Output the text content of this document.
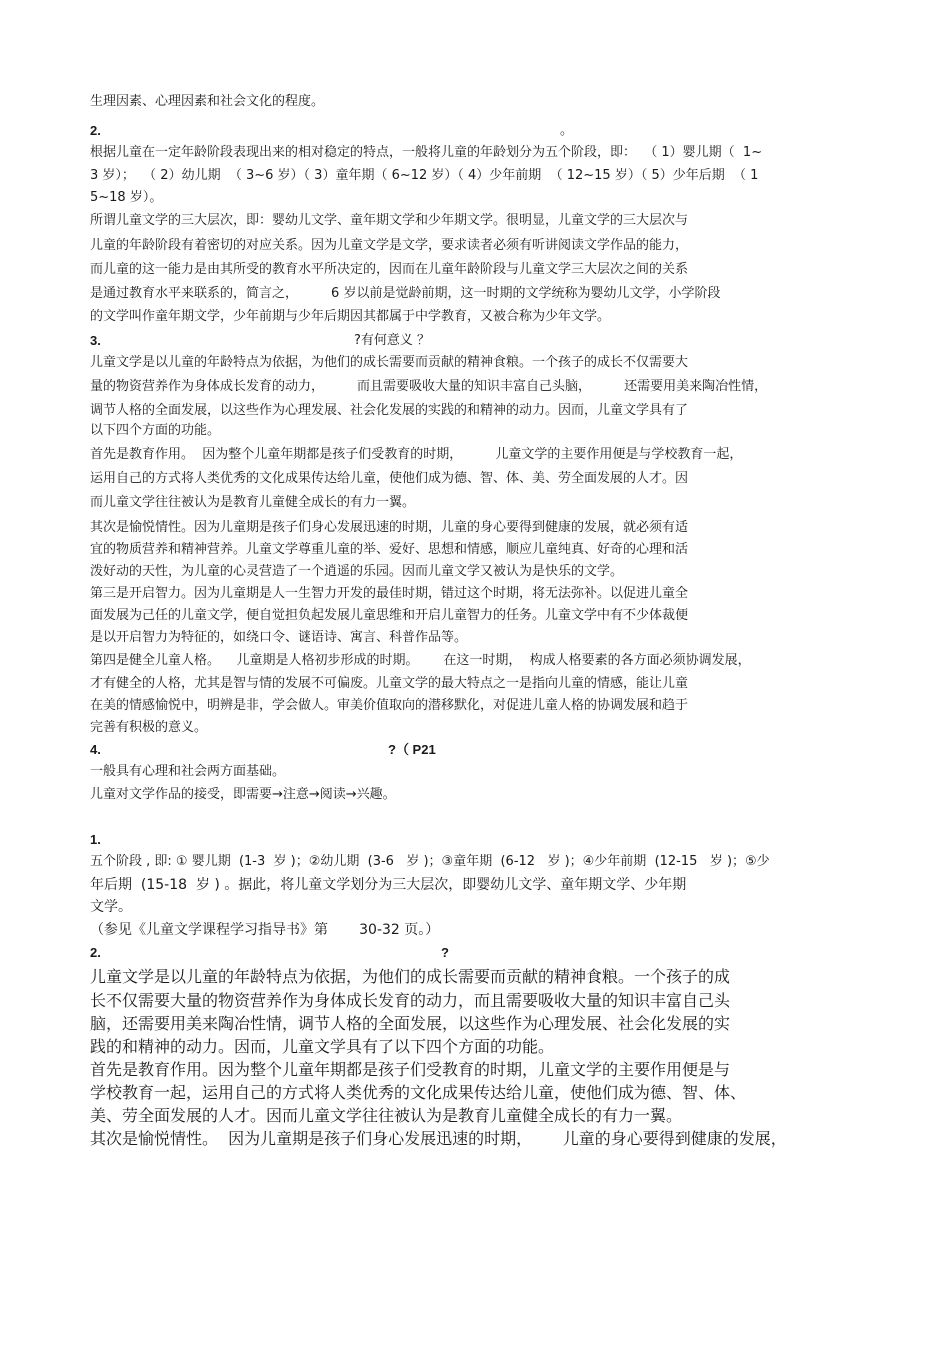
生理因素、心理因素和社会文化的程度。
2.	。
根据儿童在一定年龄阶段表现出来的相对稳定的特点，一般将儿童的年龄划分为五个阶段，即：  （ 1）婴儿期（  1~
3 岁）；  （ 2）幼儿期  （ 3~6 岁）（ 3）童年期（ 6~12 岁）（ 4）少年前期  （ 12~15 岁）（ 5）少年后期  （ 1
5~18 岁）。
所谓儿童文学的三大层次，即：婴幼儿文学、童年期文学和少年期文学。很明显，儿童文学的三大层次与
儿童的年龄阶段有着密切的对应关系。因为儿童文学是文学，要求读者必须有听讲阅读文学作品的能力，
而儿童的这一能力是由其所受的教育水平所决定的，因而在儿童年龄阶段与儿童文学三大层次之间的关系
是通过教育水平来联系的，简言之，        6 岁以前是觉龄前期，这一时期的文学统称为婴幼儿文学，小学阶段
的文学叫作童年期文学，少年前期与少年后期因其都属于中学教育，又被合称为少年文学。
3.	?有何意义 ？
儿童文学是以儿童的年龄特点为依据，为他们的成长需要而贡献的精神食粮。一个孩子的成长不仅需要大
量的物资营养作为身体成长发育的动力，        而且需要吸收大量的知识丰富自己头脑，        还需要用美来陶冶性情，
调节人格的全面发展，以这些作为心理发展、社会化发展的实践的和精神的动力。因而，儿童文学具有了
以下四个方面的功能。
首先是教育作用。  因为整个儿童年期都是孩子们受教育的时期，        儿童文学的主要作用便是与学校教育一起，
运用自己的方式将人类优秀的文化成果传达给儿童，使他们成为德、智、体、美、劳全面发展的人才。因
而儿童文学往往被认为是教育儿童健全成长的有力一翼。
其次是愉悦情性。因为儿童期是孩子们身心发展迅速的时期，儿童的身心要得到健康的发展，就必须有适
宜的物质营养和精神营养。儿童文学尊重儿童的举、爱好、思想和情感，顺应儿童纯真、好奇的心理和活
泼好动的天性，为儿童的心灵营造了一个逍遥的乐园。因而儿童文学又被认为是快乐的文学。
第三是开启智力。因为儿童期是人一生智力开发的最佳时期，错过这个时期，将无法弥补。以促进儿童全
面发展为己任的儿童文学，便自觉担负起发展儿童思维和开启儿童智力的任务。儿童文学中有不少体裁便
是以开启智力为特征的，如绕口令、谜语诗、寓言、科普作品等。
第四是健全儿童人格。    儿童期是人格初步形成的时期。      在这一时期，  构成人格要素的各方面必须协调发展，
才有健全的人格，尤其是智与情的发展不可偏废。儿童文学的最大特点之一是指向儿童的情感，能让儿童
在美的情感愉悦中，明辨是非，学会做人。审美价值取向的潜移默化，对促进儿童人格的协调发展和趋于
完善有积极的意义。
4.	?（ P21
一般具有心理和社会两方面基础。
儿童对文学作品的接受，即需要→注意→阅读→兴趣。
1.
五个阶段 , 即: ① 婴儿期  (1-3  岁 )；②幼儿期  (3-6   岁 )；③童年期  (6-12   岁 )；④少年前期  (12-15   岁 )；⑤少
年后期  (15-18  岁 ) 。据此，将儿童文学划分为三大层次，即婴幼儿文学、童年期文学、少年期
文学。
（参见《儿童文学课程学习指导书》第       30-32 页。）
2.	?
儿童文学是以儿童的年龄特点为依据，为他们的成长需要而贡献的精神食粮。一个孩子的成
长不仅需要大量的物资营养作为身体成长发育的动力，而且需要吸收大量的知识丰富自己头
脑，还需要用美来陶冶性情，调节人格的全面发展，以这些作为心理发展、社会化发展的实
践的和精神的动力。因而，儿童文学具有了以下四个方面的功能。
首先是教育作用。因为整个儿童年期都是孩子们受教育的时期，儿童文学的主要作用便是与
学校教育一起，运用自己的方式将人类优秀的文化成果传达给儿童，使他们成为德、智、体、
美、劳全面发展的人才。因而儿童文学往往被认为是教育儿童健全成长的有力一翼。
其次是愉悦情性。  因为儿童期是孩子们身心发展迅速的时期，      儿童的身心要得到健康的发展，
